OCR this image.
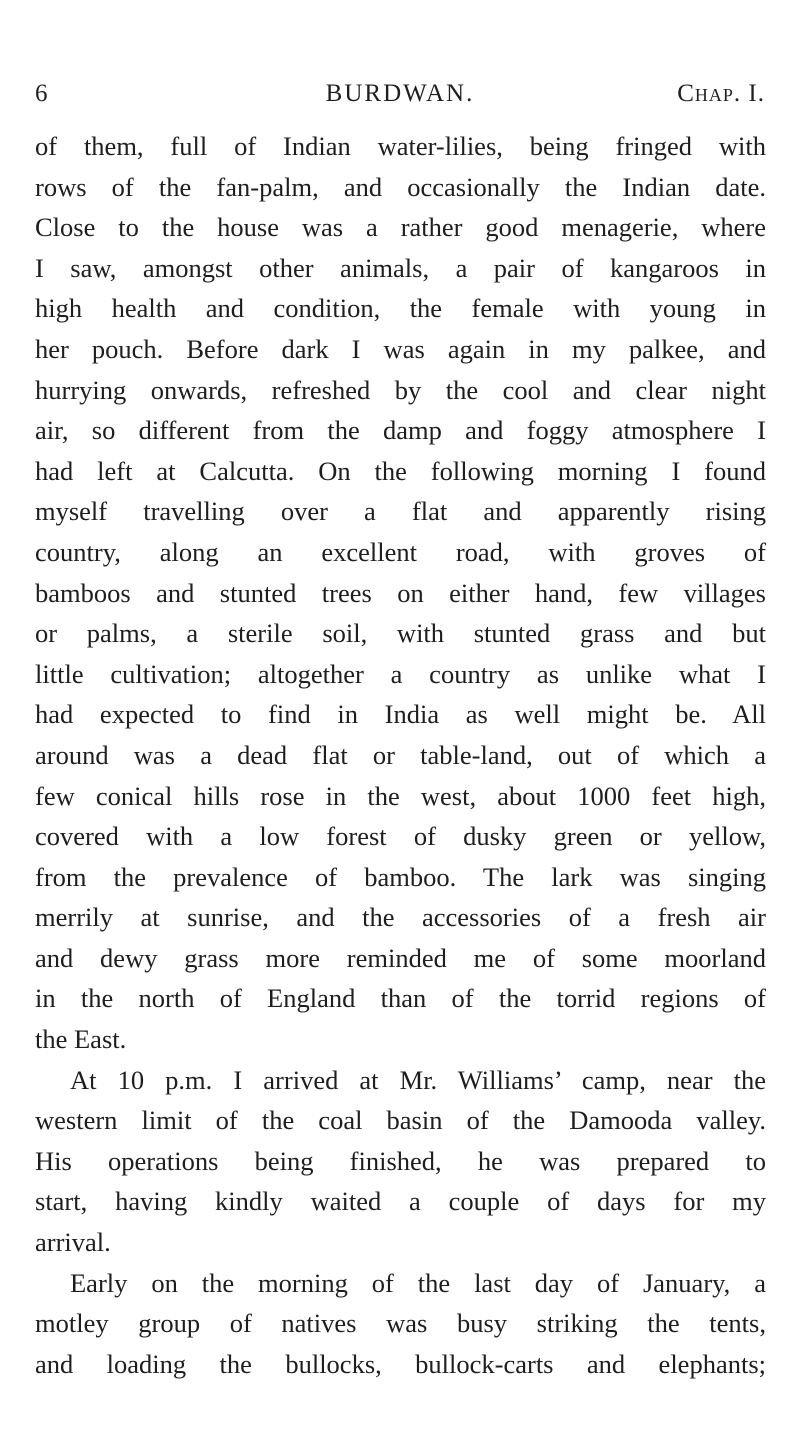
6	BURDWAN.	Chap. I.
of them, full of Indian water-lilies, being fringed with
rows of the fan-palm, and occasionally the Indian date.
Close to the house was a rather good menagerie, where
I saw, amongst other animals, a pair of kangaroos in
high health and condition, the female with young in
her pouch. Before dark I was again in my palkee, and
hurrying onwards, refreshed by the cool and clear night
air, so different from the damp and foggy atmosphere I
had left at Calcutta. On the following morning I found
myself travelling over a flat and apparently rising
country, along an excellent road, with groves of
bamboos and stunted trees on either hand, few villages
or palms, a sterile soil, with stunted grass and but
little cultivation; altogether a country as unlike what I
had expected to find in India as well might be. All
around was a dead flat or table-land, out of which a
few conical hills rose in the west, about 1000 feet high,
covered with a low forest of dusky green or yellow,
from the prevalence of bamboo. The lark was singing
merrily at sunrise, and the accessories of a fresh air
and dewy grass more reminded me of some moorland
in the north of England than of the torrid regions of
the East.
At 10 p.m. I arrived at Mr. Williams’ camp, near the
western limit of the coal basin of the Damooda valley.
His operations being finished, he was prepared to
start, having kindly waited a couple of days for my
arrival.
Early on the morning of the last day of January, a
motley group of natives was busy striking the tents,
and loading the bullocks, bullock-carts and elephants;
